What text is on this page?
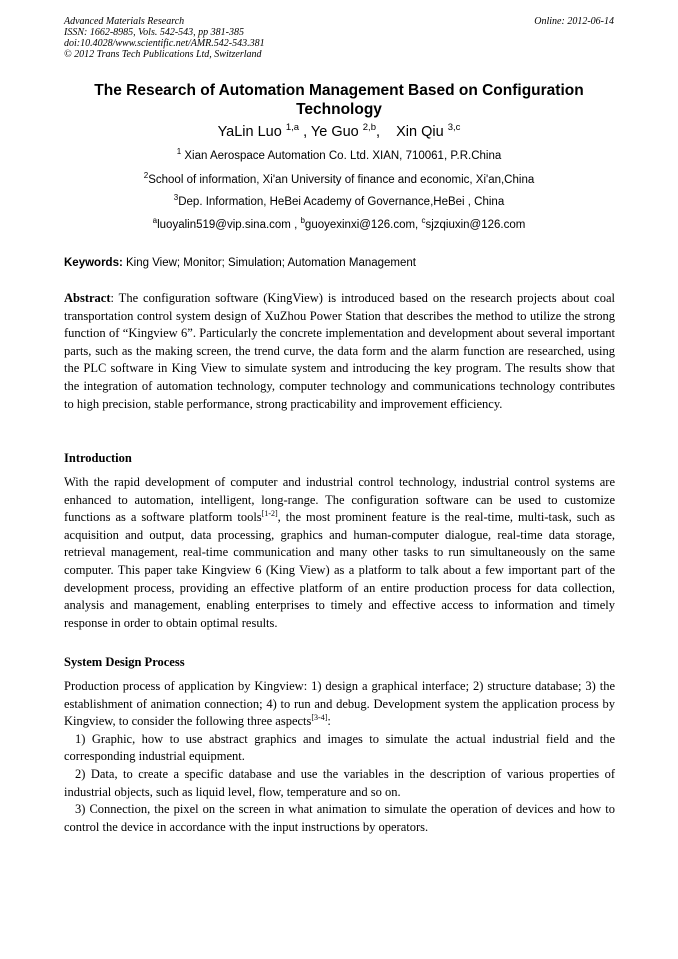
Advanced Materials Research
ISSN: 1662-8985, Vols. 542-543, pp 381-385
doi:10.4028/www.scientific.net/AMR.542-543.381
© 2012 Trans Tech Publications Ltd, Switzerland
Online: 2012-06-14
The Research of Automation Management Based on Configuration Technology
YaLin Luo $^{1,a}$ , Ye Guo $^{2,b}$,    Xin Qiu $^{3,c}$
$^1$ Xian Aerospace Automation Co. Ltd. XIAN, 710061, P.R.China
$^2$School of information, Xi'an University of finance and economic, Xi'an,China
$^3$Dep. Information, HeBei Academy of Governance,HeBei , China
$^a$luoyalin519@vip.sina.com , $^b$guoyexinxi@126.com, $^c$sjzqiuxin@126.com
Keywords: King View; Monitor; Simulation; Automation Management

Abstract: The configuration software (KingView) is introduced based on the research projects about coal transportation control system design of XuZhou Power Station that describes the method to utilize the strong function of “Kingview 6”. Particularly the concrete implementation and development about several important parts, such as the making screen, the trend curve, the data form and the alarm function are researched, using the PLC software in King View to simulate system and introducing the key program. The results show that the integration of automation technology, computer technology and communications technology contributes to high precision, stable performance, strong practicability and improvement efficiency.

Introduction

With the rapid development of computer and industrial control technology, industrial control systems are enhanced to automation, intelligent, long-range. The configuration software can be used to customize functions as a software platform tools[1-2], the most prominent feature is the real-time, multi-task, such as acquisition and output, data processing, graphics and human-computer dialogue, real-time data storage, retrieval management, real-time communication and many other tasks to run simultaneously on the same computer. This paper take Kingview 6 (King View) as a platform to talk about a few important part of the development process, providing an effective platform of an entire production process for data collection, analysis and management, enabling enterprises to timely and effective access to information and timely response in order to obtain optimal results.

System Design Process

Production process of application by Kingview: 1) design a graphical interface; 2) structure database; 3) the establishment of animation connection; 4) to run and debug. Development system the application process by Kingview, to consider the following three aspects[3-4]:

1) Graphic, how to use abstract graphics and images to simulate the actual industrial field and the corresponding industrial equipment.

2) Data, to create a specific database and use the variables in the description of various properties of industrial objects, such as liquid level, flow, temperature and so on.

3) Connection, the pixel on the screen in what animation to simulate the operation of devices and how to control the device in accordance with the input instructions by operators.
